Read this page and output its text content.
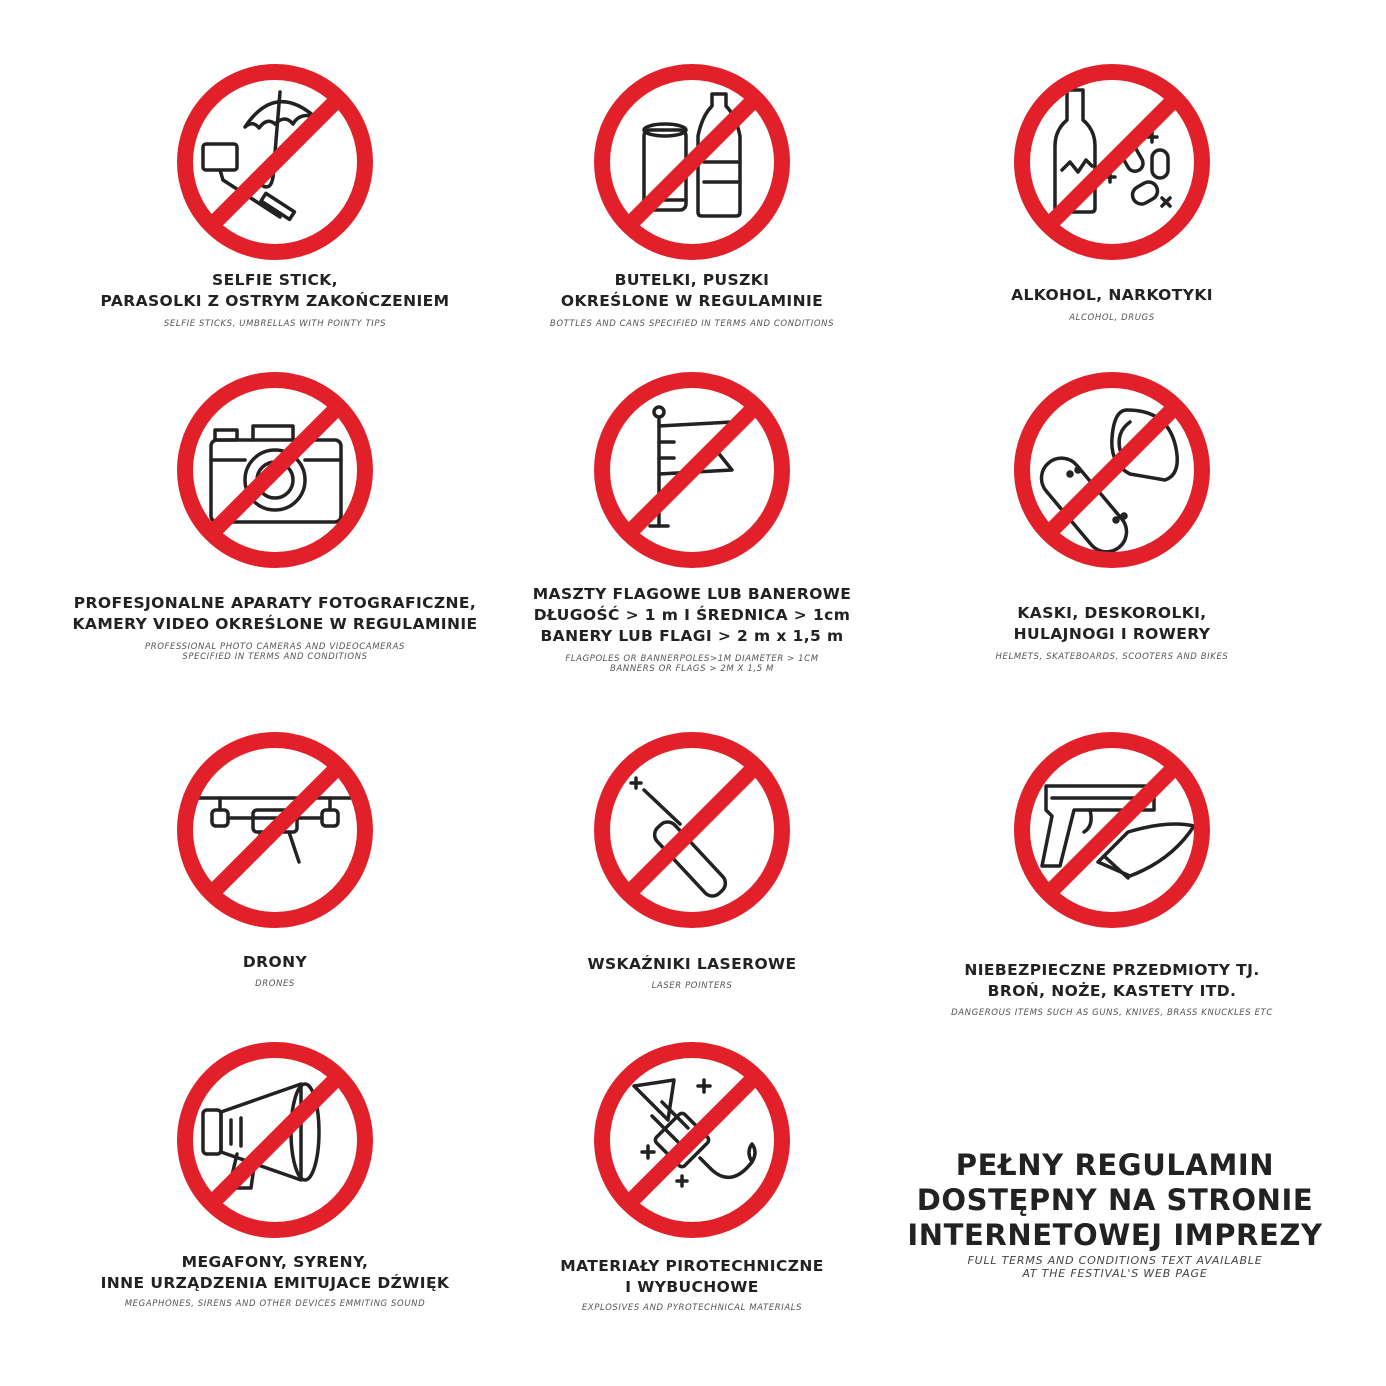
SELFIE STICK,
PARASOLKI Z OSTRYM ZAKOŃCZENIEM
SELFIE STICKS, UMBRELLAS WITH POINTY TIPS
BUTELKI, PUSZKI
OKREŚLONE W REGULAMINIE
BOTTLES AND CANS SPECIFIED IN TERMS AND CONDITIONS
ALKOHOL, NARKOTYKI
ALCOHOL, DRUGS
PROFESJONALNE APARATY FOTOGRAFICZNE,
KAMERY VIDEO OKREŚLONE W REGULAMINIE
PROFESSIONAL PHOTO CAMERAS AND VIDEOCAMERAS
SPECIFIED IN TERMS AND CONDITIONS
MASZTY FLAGOWE LUB BANEROWE
DŁUGOŚĆ > 1 m I ŚREDNICA > 1cm
BANERY LUB FLAGI > 2 m x 1,5 m
FLAGPOLES OR BANNERPOLES>1M DIAMETER > 1CM
BANNERS OR FLAGS > 2M X 1,5 M
KASKI, DESKOROLKI,
HULAJNOGI I ROWERY
HELMETS, SKATEBOARDS, SCOOTERS AND BIKES
DRONY
DRONES
WSKAŹNIKI LASEROWE
LASER POINTERS
NIEBEZPIECZNE PRZEDMIOTY TJ.
BROŃ, NOŻE, KASTETY ITD.
DANGEROUS ITEMS SUCH AS GUNS, KNIVES, BRASS KNUCKLES ETC
MEGAFONY, SYRENY,
INNE URZĄDZENIA EMITUJACE DŹWIĘK
MEGAPHONES, SIRENS AND OTHER DEVICES EMMITING SOUND
MATERIAŁY PIROTECHNICZNE
I WYBUCHOWE
EXPLOSIVES AND PYROTECHNICAL MATERIALS
PEŁNY REGULAMIN
DOSTĘPNY NA STRONIE
INTERNETOWEJ IMPREZY
FULL TERMS AND CONDITIONS TEXT AVAILABLE
AT THE FESTIVAL'S WEB PAGE
